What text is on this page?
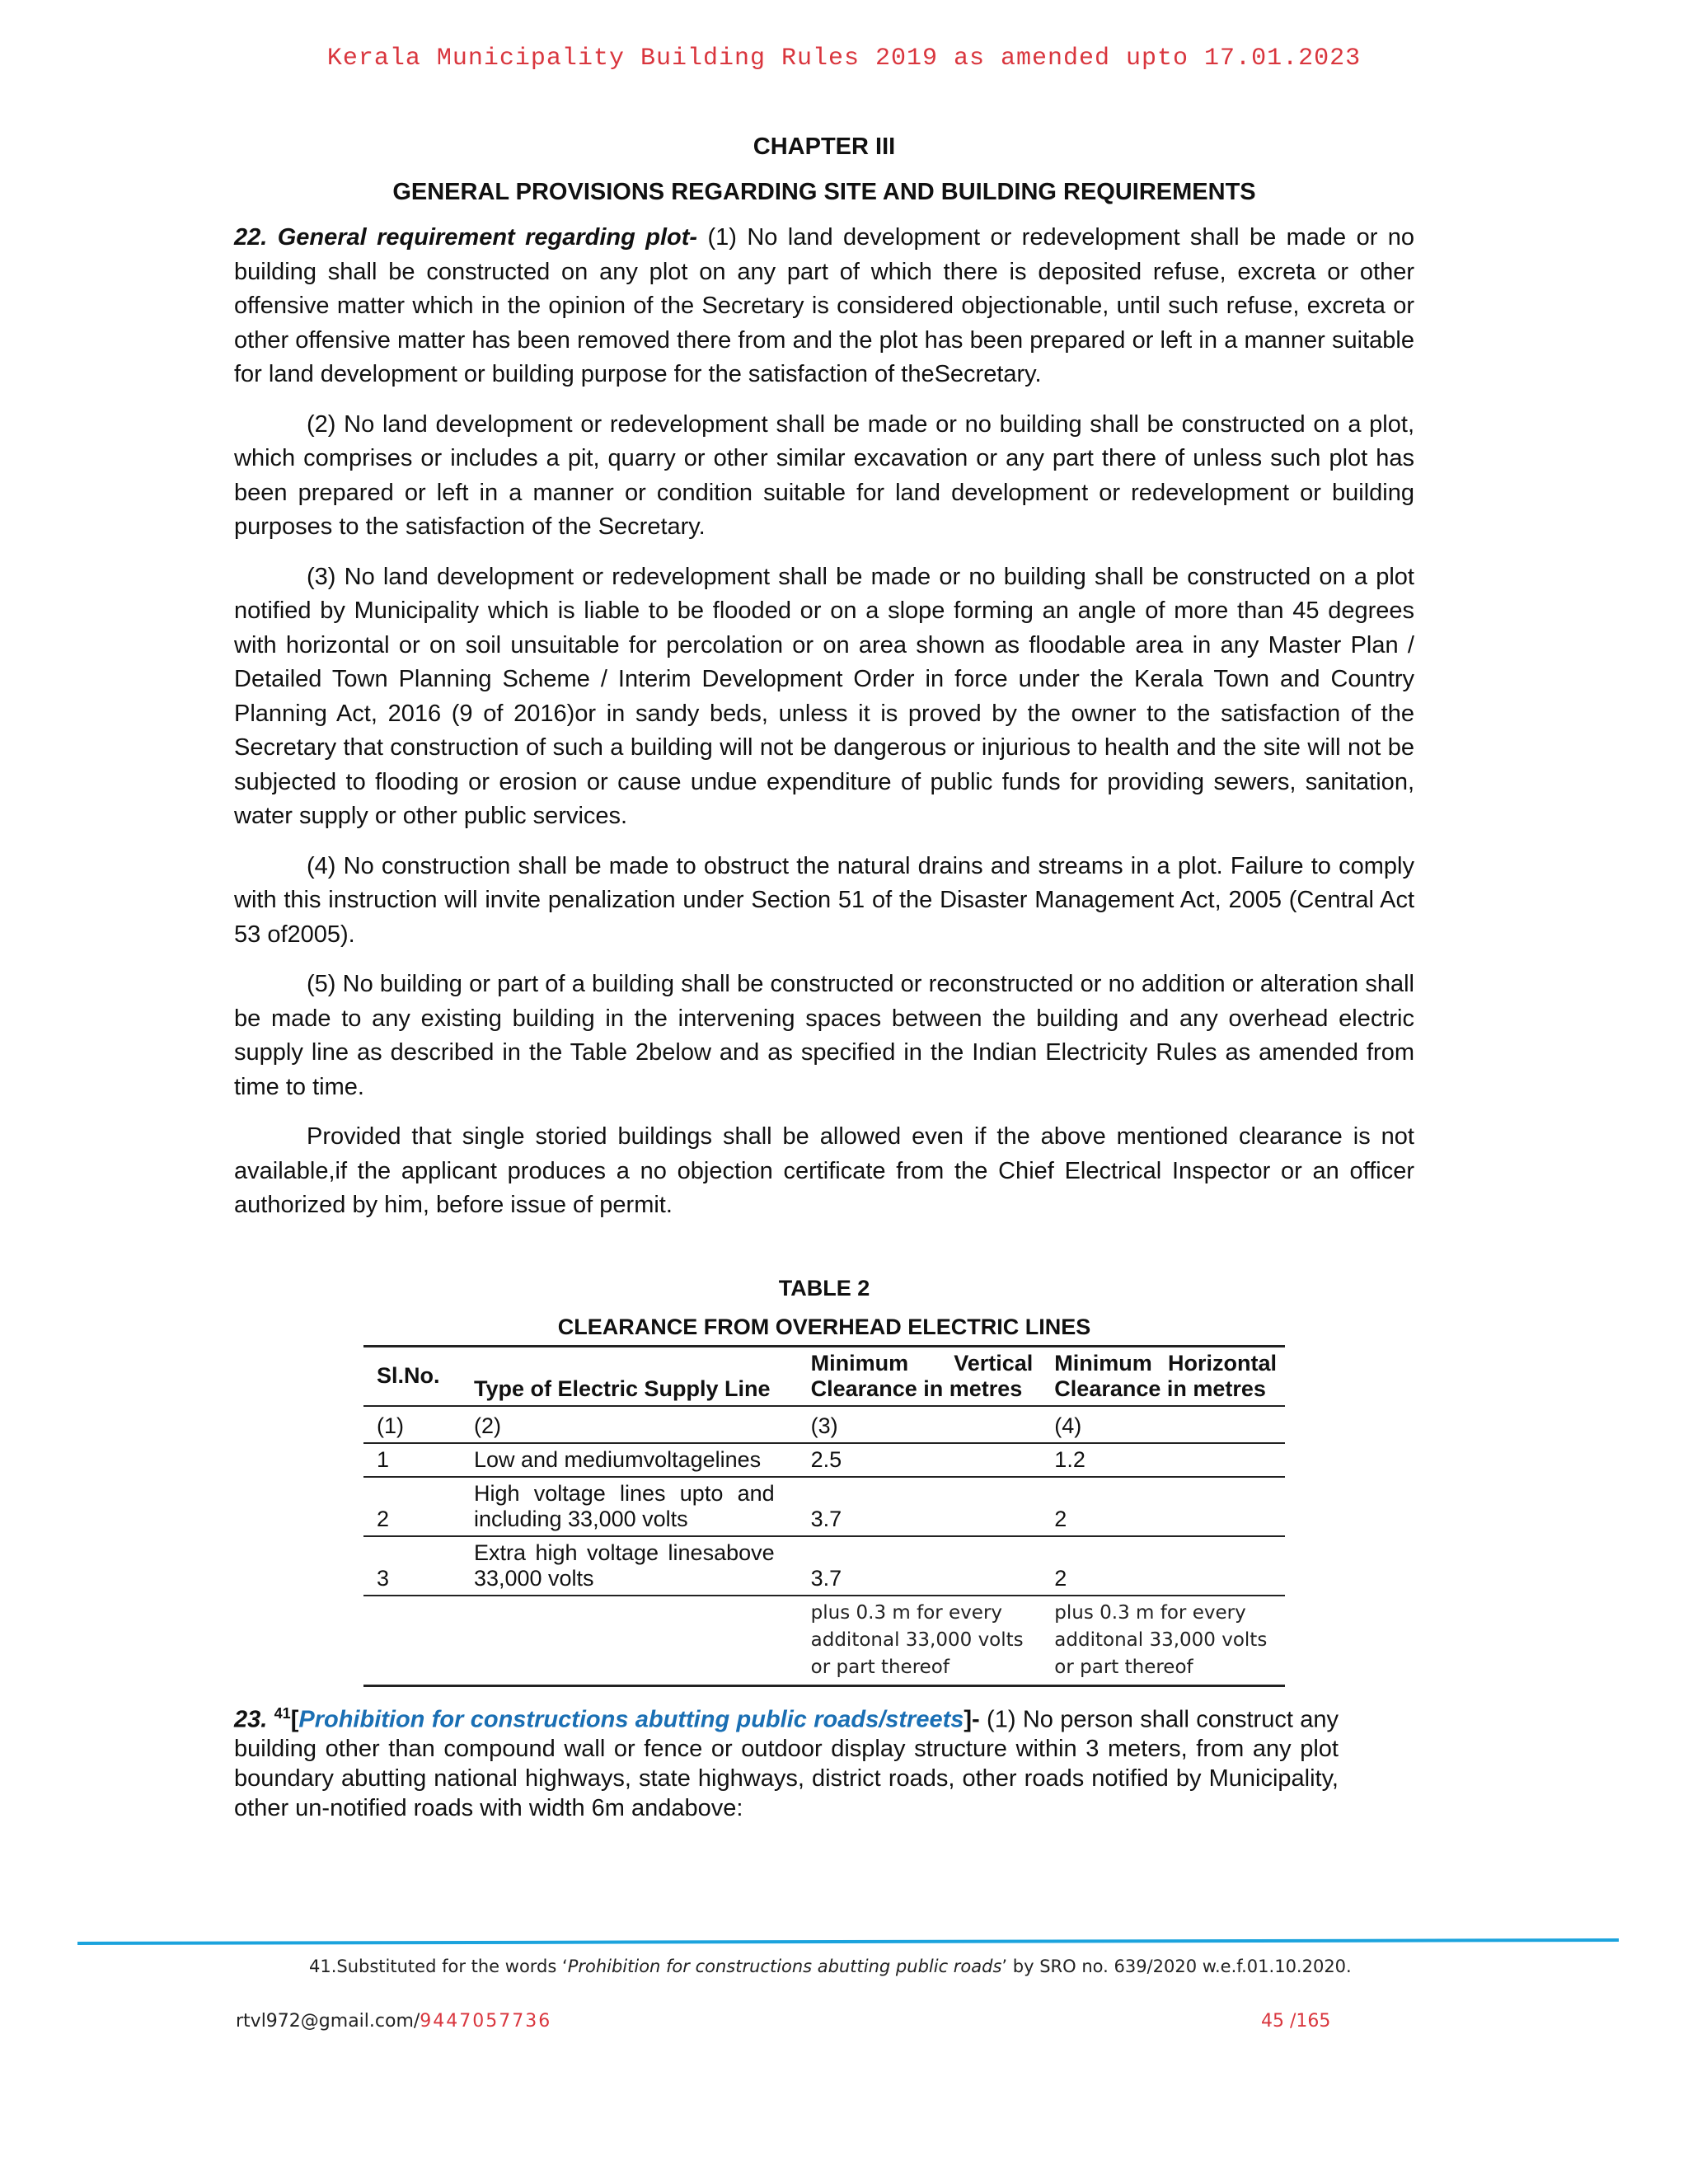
Kerala Municipality Building Rules 2019 as amended upto 17.01.2023
CHAPTER III
GENERAL PROVISIONS REGARDING SITE AND BUILDING REQUIREMENTS

22. General requirement regarding plot- (1) No land development or redevelopment shall be made or no building shall be constructed on any plot on any part of which there is deposited refuse, excreta or other offensive matter which in the opinion of the Secretary is considered objectionable, until such refuse, excreta or other offensive matter has been removed there from and the plot has been prepared or left in a manner suitable for land development or building purpose for the satisfaction of theSecretary.

(2) No land development or redevelopment shall be made or no building shall be constructed on a plot, which comprises or includes a pit, quarry or other similar excavation or any part there of unless such plot has been prepared or left in a manner or condition suitable for land development or redevelopment or building purposes to the satisfaction of the Secretary.

(3) No land development or redevelopment shall be made or no building shall be constructed on a plot notified by Municipality which is liable to be flooded or on a slope forming an angle of more than 45 degrees with horizontal or on soil unsuitable for percolation or on area shown as floodable area in any Master Plan / Detailed Town Planning Scheme / Interim Development Order in force under the Kerala Town and Country Planning Act, 2016 (9 of 2016)or in sandy beds, unless it is proved by the owner to the satisfaction of the Secretary that construction of such a building will not be dangerous or injurious to health and the site will not be subjected to flooding or erosion or cause undue expenditure of public funds for providing sewers, sanitation, water supply or other public services.

(4) No construction shall be made to obstruct the natural drains and streams in a plot. Failure to comply with this instruction will invite penalization under Section 51 of the Disaster Management Act, 2005 (Central Act 53 of2005).

(5) No building or part of a building shall be constructed or reconstructed or no addition or alteration shall be made to any existing building in the intervening spaces between the building and any overhead electric supply line as described in the Table 2below and as specified in the Indian Electricity Rules as amended from time to time.

Provided that single storied buildings shall be allowed even if the above mentioned clearance is not available,if the applicant produces a no objection certificate from the Chief Electrical Inspector or an officer authorized by him, before issue of permit.

TABLE 2
CLEARANCE FROM OVERHEAD ELECTRIC LINES
Sl.No.	Type of Electric Supply Line	Minimum Vertical Clearance in metres	Minimum Horizontal Clearance in metres
(1)	(2)	(3)	(4)
1	Low and mediumvoltagelines	2.5	1.2
2	High voltage lines upto and including 33,000 volts	3.7	2
3	Extra high voltage linesabove 33,000 volts	3.7	2
		plus 0.3 m for every additonal 33,000 volts or part thereof	plus 0.3 m for every additonal 33,000 volts or part thereof

23. $^{41}$[Prohibition for constructions abutting public roads/streets]- (1) No person shall construct any building other than compound wall or fence or outdoor display structure within 3 meters, from any plot boundary abutting national highways, state highways, district roads, other roads notified by Municipality, other un-notified roads with width 6m andabove:

41.Substituted for the words ‘Prohibition for constructions abutting public roads’ by SRO no. 639/2020 w.e.f.01.10.2020.
rtvl972@gmail.com/9447057736	45 /165
